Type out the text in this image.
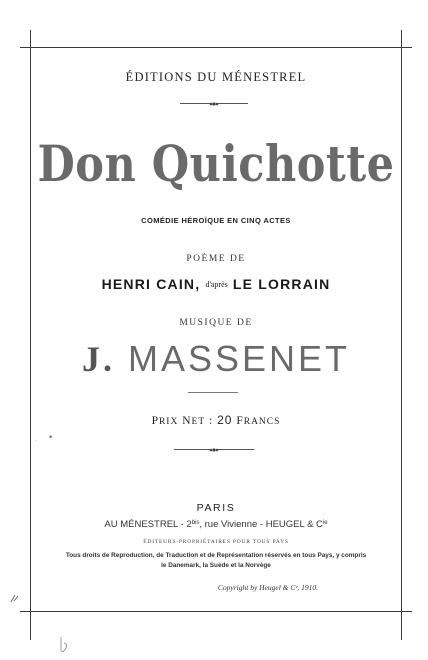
ÉDITIONS DU MÉNESTREL
Don Quichotte
COMÉDIE HÉROÏQUE EN CINQ ACTES
POÈME DE
HENRI CAIN, d'après LE LORRAIN
MUSIQUE DE
J. MASSENET
PRIX NET : 20 FRANCS
PARIS
AU MÉNESTREL - $2^{bis}$, rue Vivienne - HEUGEL & $C^{ie}$
ÉDITEURS-PROPRIÉTAIRES POUR TOUS PAYS
Tous droits de Reproduction, de Traduction et de Représentation réservés en tous Pays, y compris
le Danemark, la Suède et la Norvège
Copyright by Heugel & Cᵉ, 1910.
•
·
